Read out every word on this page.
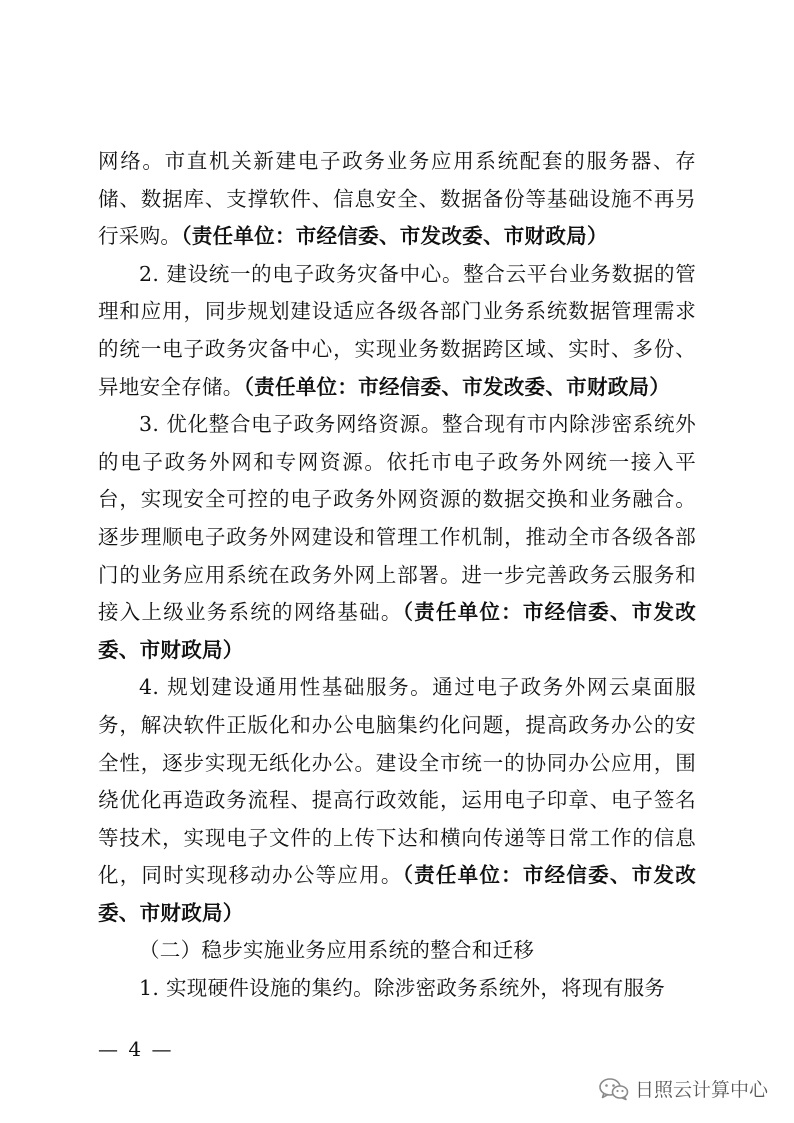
网络。市直机关新建电子政务业务应用系统配套的服务器、存储、数据库、支撑软件、信息安全、数据备份等基础设施不再另行采购。（责任单位：市经信委、市发改委、市财政局）

2. 建设统一的电子政务灾备中心。整合云平台业务数据的管理和应用，同步规划建设适应各级各部门业务系统数据管理需求的统一电子政务灾备中心，实现业务数据跨区域、实时、多份、异地安全存储。（责任单位：市经信委、市发改委、市财政局）

3. 优化整合电子政务网络资源。整合现有市内除涉密系统外的电子政务外网和专网资源。依托市电子政务外网统一接入平台，实现安全可控的电子政务外网资源的数据交换和业务融合。逐步理顺电子政务外网建设和管理工作机制，推动全市各级各部门的业务应用系统在政务外网上部署。进一步完善政务云服务和接入上级业务系统的网络基础。（责任单位：市经信委、市发改委、市财政局）

4. 规划建设通用性基础服务。通过电子政务外网云桌面服务，解决软件正版化和办公电脑集约化问题，提高政务办公的安全性，逐步实现无纸化办公。建设全市统一的协同办公应用，围绕优化再造政务流程、提高行政效能，运用电子印章、电子签名等技术，实现电子文件的上传下达和横向传递等日常工作的信息化，同时实现移动办公等应用。（责任单位：市经信委、市发改委、市财政局）

（二）稳步实施业务应用系统的整合和迁移

1. 实现硬件设施的集约。除涉密政务系统外，将现有服务

— 4 —
日照云计算中心
